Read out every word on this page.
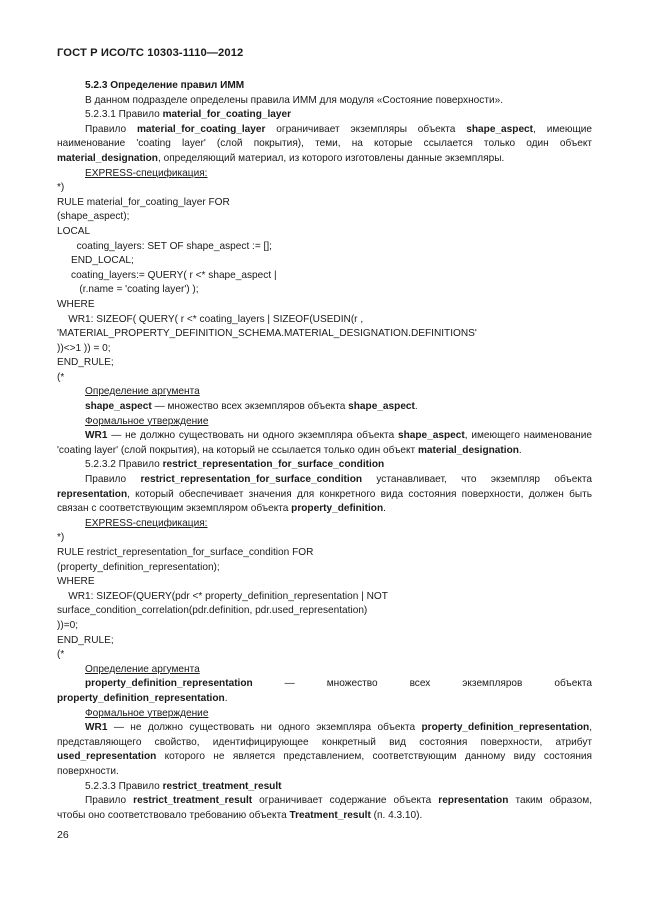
ГОСТ Р ИСО/ТС 10303-1110—2012

5.2.3 Определение правил ИММ

В данном подразделе определены правила ИММ для модуля «Состояние поверхности».

5.2.3.1 Правило material_for_coating_layer

Правило material_for_coating_layer ограничивает экземпляры объекта shape_aspect, имеющие наименование 'coating layer' (слой покрытия), теми, на которые ссылается только один объект material_designation, определяющий материал, из которого изготовлены данные экземпляры.

EXPRESS-спецификация:

*)

RULE material_for_coating_layer FOR

(shape_aspect);

LOCAL

coating_layers: SET OF shape_aspect := [];

END_LOCAL;

coating_layers:= QUERY( r <* shape_aspect |

(r.name = 'coating layer') );

WHERE

WR1: SIZEOF( QUERY( r <* coating_layers | SIZEOF(USEDIN(r ,

'MATERIAL_PROPERTY_DEFINITION_SCHEMA.MATERIAL_DESIGNATION.DEFINITIONS'

))<>1 )) = 0;

END_RULE;

(*

Определение аргумента

shape_aspect — множество всех экземпляров объекта shape_aspect.

Формальное утверждение

WR1 — не должно существовать ни одного экземпляра объекта shape_aspect, имеющего наименование 'coating layer' (слой покрытия), на который не ссылается только один объект material_designation.

5.2.3.2 Правило restrict_representation_for_surface_condition

Правило restrict_representation_for_surface_condition устанавливает, что экземпляр объекта representation, который обеспечивает значения для конкретного вида состояния поверхности, должен быть связан с соответствующим экземпляром объекта property_definition.

EXPRESS-спецификация:

*)

RULE restrict_representation_for_surface_condition FOR

(property_definition_representation);

WHERE

WR1: SIZEOF(QUERY(pdr <* property_definition_representation | NOT

surface_condition_correlation(pdr.definition, pdr.used_representation)

))=0;

END_RULE;

(*

Определение аргумента

property_definition_representation — множество всех экземпляров объекта property_definition_representation.

Формальное утверждение

WR1 — не должно существовать ни одного экземпляра объекта property_definition_representation, представляющего свойство, идентифицирующее конкретный вид состояния поверхности, атрибут used_representation которого не является представлением, соответствующим данному виду состояния поверхности.

5.2.3.3 Правило restrict_treatment_result

Правило restrict_treatment_result ограничивает содержание объекта representation таким образом, чтобы оно соответствовало требованию объекта Treatment_result (п. 4.3.10).

26
